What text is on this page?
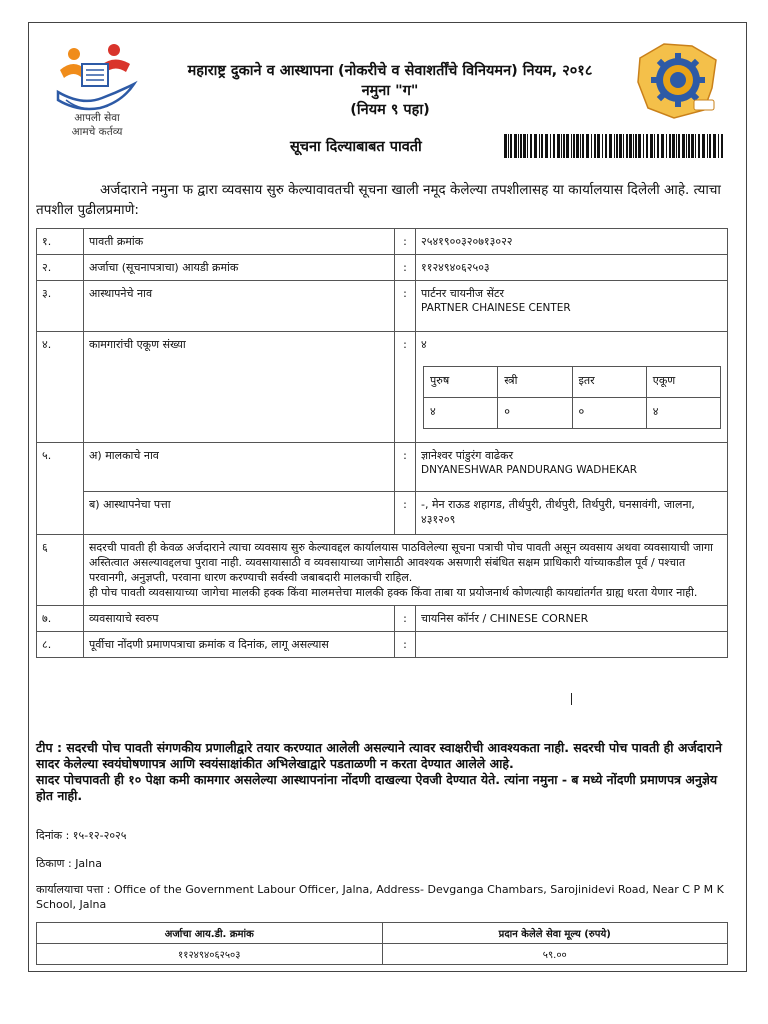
आपली सेवा
आमचे कर्तव्य
महाराष्ट्र दुकाने व आस्थापना (नोकरीचे व सेवाशर्तींचे विनियमन) नियम, २०१८
नमुना "ग"
(नियम ९ पहा)
सूचना दिल्याबाबत पावती
अर्जदाराने नमुना फ द्वारा व्यवसाय सुरु केल्यावावतची सूचना खाली नमूद केलेल्या तपशीलासह या कार्यालयास दिलेली आहे. त्याचा तपशील पुढीलप्रमाणे:
१.	पावती क्रमांक	:	२५४१९००३२०७१३०२२
२.	अर्जाचा (सूचनापत्राचा) आयडी क्रमांक	:	११२४९४०६२५०३
३.	आस्थापनेचे नाव	:	पार्टनर चायनीज सेंटर
PARTNER CHAINESE CENTER

४.	कामगारांची एकूण संख्या	:	४
पुरुष	स्त्री	इतर	एकूण
४	०	०	४

५.	अ) मालकाचे नाव	:	ज्ञानेश्वर पांडुरंग वाढेकर
DNYANESHWAR PANDURANG WADHEKAR

ब) आस्थापनेचा पत्ता	:	-, मेन राऊड शहागड, तीर्थपुरी, तीर्थपुरी, तिर्थपुरी, घनसावंगी, जालना, ४३१२०९
६	सदरची पावती ही केवळ अर्जदाराने त्याचा व्यवसाय सुरु केल्यावद्दल कार्यालयास पाठविलेल्या सूचना पत्राची पोच पावती असून व्यवसाय अथवा व्यवसायाची जागा अस्तित्वात असल्यावद्दलचा पुरावा नाही. व्यवसायासाठी व व्यवसायाच्या जागेसाठी आवश्यक असणारी संबंधित सक्षम प्राधिकारी यांच्याकडील पूर्व / पश्चात परवानगी, अनुज्ञप्ती, परवाना धारण करण्याची सर्वस्वी जबाबदारी मालकाची राहिल.
ही पोच पावती व्यवसायाच्या जागेचा मालकी हक्क किंवा मालमत्तेचा मालकी हक्क किंवा ताबा या प्रयोजनार्थ कोणत्याही कायद्यांतर्गत ग्राह्य धरता येणार नाही.

७.	व्यवसायाचे स्वरुप	:	चायनिस कॉर्नर / CHINESE CORNER
८.	पूर्वीचा नोंदणी प्रमाणपत्राचा क्रमांक व दिनांक, लागू असल्यास	:	
टीप : सदरची पोच पावती संगणकीय प्रणालीद्वारे तयार करण्यात आलेली असल्याने त्यावर स्वाक्षरीची आवश्यकता नाही. सदरची पोच पावती ही अर्जदाराने सादर केलेल्या स्वयंघोषणापत्र आणि स्वयंसाक्षांकीत अभिलेखाद्वारे पडताळणी न करता देण्यात आलेले आहे.
सादर पोचपावती ही १० पेक्षा कमी कामगार असलेल्या आस्थापनांना नोंदणी दाखल्या ऐवजी देण्यात येते. त्यांना नमुना - ब मध्ये नोंदणी प्रमाणपत्र अनुज्ञेय होत नाही.
दिनांक : १५-१२-२०२५
ठिकाण : Jalna
कार्यालयाचा पत्ता : Office of the Government Labour Officer, Jalna, Address- Devganga Chambars, Sarojinidevi Road, Near C P M K School, Jalna
अर्जाचा आय.डी. क्रमांक	प्रदान केलेले सेवा मूल्य (रुपये)
११२४९४०६२५०३	५९.००
